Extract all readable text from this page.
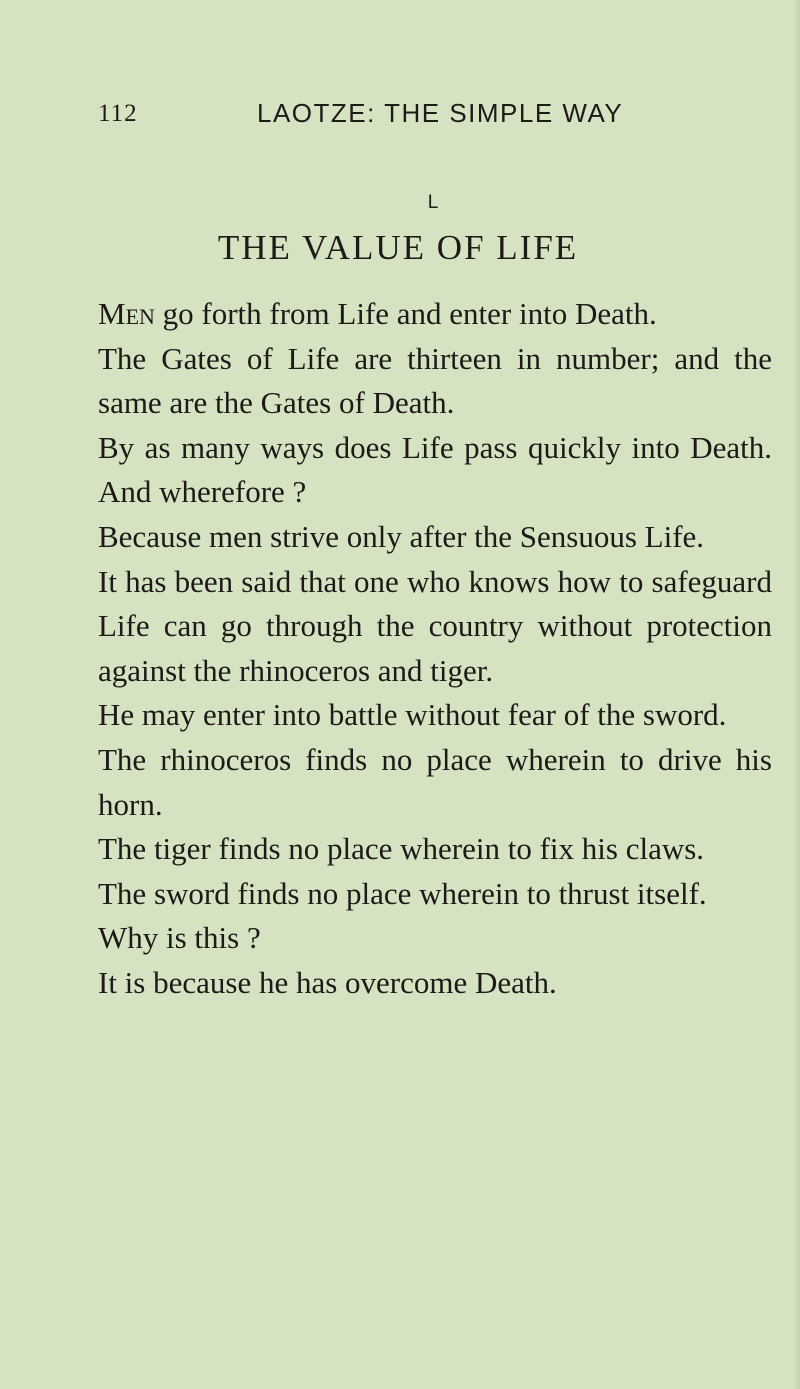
112	LAOTZE: THE SIMPLE WAY
L
THE VALUE OF LIFE

Men go forth from Life and enter into Death.

The Gates of Life are thirteen in number; and the same are the Gates of Death.

By as many ways does Life pass quickly into Death. And wherefore ?

Because men strive only after the Sensuous Life.

It has been said that one who knows how to safeguard Life can go through the country without protection against the rhinoceros and tiger.

He may enter into battle without fear of the sword.

The rhinoceros finds no place wherein to drive his horn.

The tiger finds no place wherein to fix his claws.

The sword finds no place wherein to thrust itself.

Why is this ?

It is because he has overcome Death.
